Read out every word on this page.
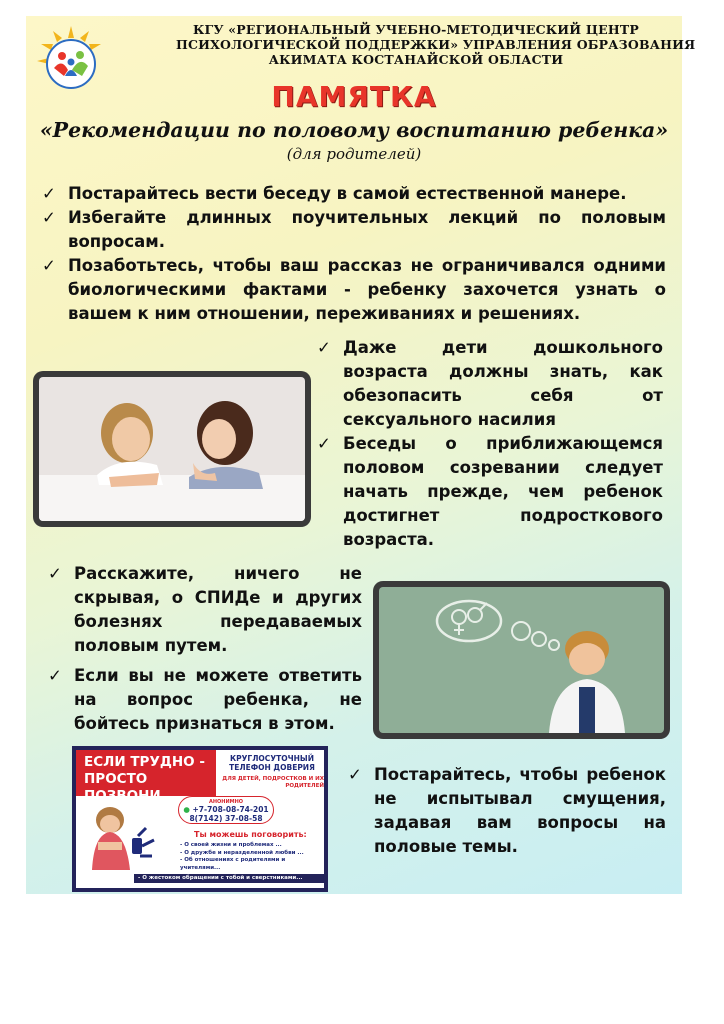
КГУ «РЕГИОНАЛЬНЫЙ УЧЕБНО-МЕТОДИЧЕСКИЙ ЦЕНТР
ПСИХОЛОГИЧЕСКОЙ ПОДДЕРЖКИ» УПРАВЛЕНИЯ ОБРАЗОВАНИЯ
АКИМАТА КОСТАНАЙСКОЙ ОБЛАСТИ
ПАМЯТКА
«Рекомендации по половому воспитанию ребенка»
(для родителей)
✓ Постарайтесь вести беседу в самой естественной манере.
✓ Избегайте длинных поучительных лекций по половым вопросам.
✓ Позаботьтесь, чтобы ваш рассказ не ограничивался одними биологическими фактами - ребенку захочется узнать о вашем к ним отношении, переживаниях и решениях.
✓ Даже дети дошкольного возраста должны знать, как обезопасить себя от сексуального насилия
✓ Беседы о приближающемся половом созревании следует начать прежде, чем ребенок достигнет подросткового возраста.
✓ Расскажите, ничего не скрывая, о СПИДе и других болезнях передаваемых половым путем.
✓ Если вы не можете ответить на вопрос ребенка, не бойтесь признаться в этом.
ЕСЛИ ТРУДНО -
ПРОСТО ПОЗВОНИ
КРУГЛОСУТОЧНЫЙ
ТЕЛЕФОН ДОВЕРИЯ
ДЛЯ ДЕТЕЙ, ПОДРОСТКОВ И ИХ РОДИТЕЛЕЙ
АНОНИМНО
● +7-708-08-74-201
8(7142) 37-08-58
Ты можешь поговорить:
- О своей жизни и проблемах ...
- О дружбе и неразделенной любви ...
- Об отношениях с родителями и учителями...
- О жестоком обращении с тобой и сверстниками...
✓ Постарайтесь, чтобы ребенок не испытывал смущения, задавая вам вопросы на половые темы.
